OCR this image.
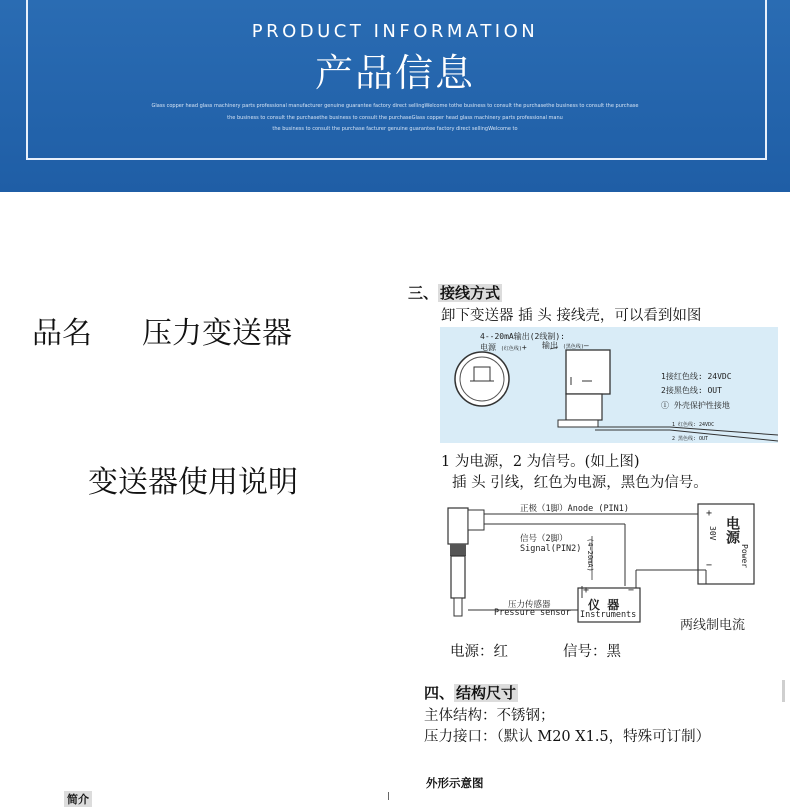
PRODUCT INFORMATION
产品信息
Glass copper head glass machinery parts professional manufacturer genuine guarantee factory direct sellingWelcome tothe business to consult the purchasethe business to consult the purchase
the business to consult the purchasethe business to consult the purchaseGlass copper head glass machinery parts professional manu
the business to consult the purchase facturer genuine guarantee factory direct sellingWelcome to
品名 压力变送器
变送器使用说明
三、 接线方式
卸下变送器 插 头 接线壳，可以看到如图
4--20mA输出(2线制):
电源 (红色线)+ 输出 (黑色线)—
1接红色线: 24VDC
2接黑色线: OUT
① 外壳保护性接地
1 红色线: 24VDC
2 黑色线: OUT
1 为电源，2 为信号。(如上图)
插 头 引线，红色为电源，黑色为信号。
正极（1脚）Anode (PIN1)
信号（2脚）
Signal(PIN2) (4~20mA)
压力传感器
Pressure sensor
+	−
仪 器
Instruments
+
−
30V 电源
Power
两线制电流
电源：红	信号：黑
四、 结构尺寸
主体结构：不锈钢；
压力接口：（默认 M20 X1.5，特殊可订制）
简介
外形示意图
